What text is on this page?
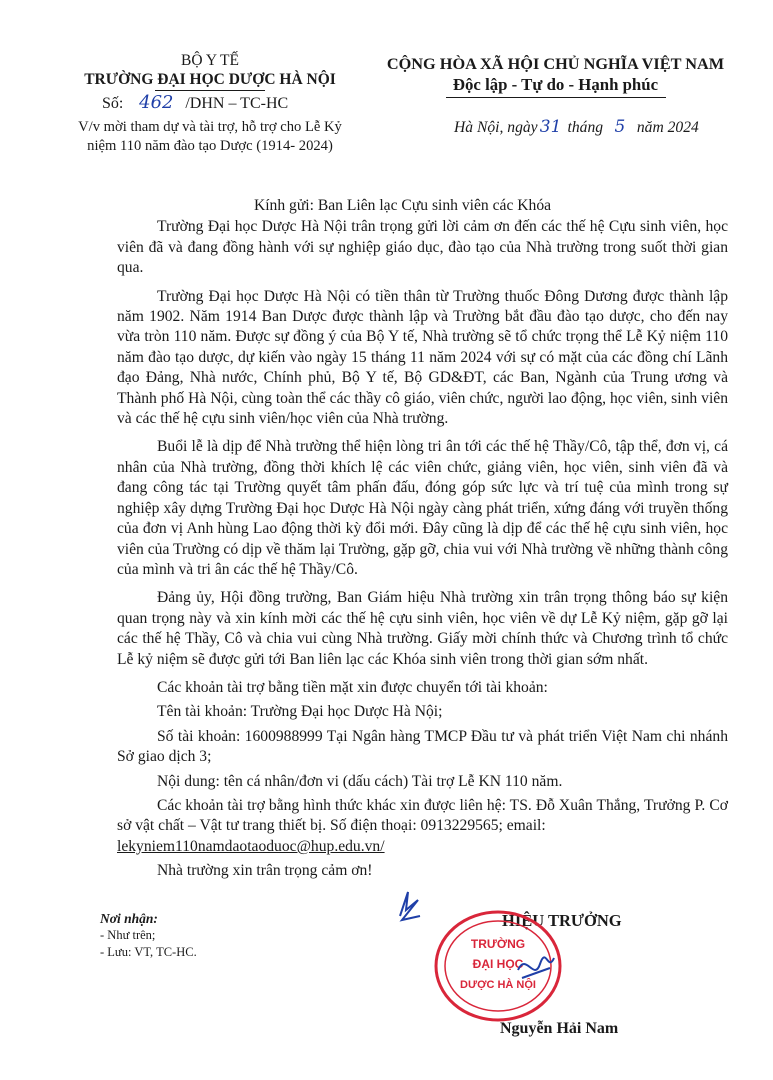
BỘ Y TẾ
TRƯỜNG ĐẠI HỌC DƯỢC HÀ NỘI
Số: 462 /DHN – TC-HC
V/v mời tham dự và tài trợ, hỗ trợ cho Lễ Kỷ
niệm 110 năm đào tạo Dược (1914- 2024)
CỘNG HÒA XÃ HỘI CHỦ NGHĨA VIỆT NAM
Độc lập - Tự do - Hạnh phúc
Hà Nội, ngày 31 tháng 5 năm 2024

Kính gửi: Ban Liên lạc Cựu sinh viên các Khóa

Trường Đại học Dược Hà Nội trân trọng gửi lời cảm ơn đến các thế hệ Cựu sinh viên, học viên đã và đang đồng hành với sự nghiệp giáo dục, đào tạo của Nhà trường trong suốt thời gian qua.

Trường Đại học Dược Hà Nội có tiền thân từ Trường thuốc Đông Dương được thành lập năm 1902. Năm 1914 Ban Dược được thành lập và Trường bắt đầu đào tạo dược, cho đến nay vừa tròn 110 năm. Được sự đồng ý của Bộ Y tế, Nhà trường sẽ tổ chức trọng thể Lễ Kỷ niệm 110 năm đào tạo dược, dự kiến vào ngày 15 tháng 11 năm 2024 với sự có mặt của các đồng chí Lãnh đạo Đảng, Nhà nước, Chính phủ, Bộ Y tế, Bộ GD&ĐT, các Ban, Ngành của Trung ương và Thành phố Hà Nội, cùng toàn thể các thầy cô giáo, viên chức, người lao động, học viên, sinh viên và các thế hệ cựu sinh viên/học viên của Nhà trường.

Buổi lễ là dịp để Nhà trường thể hiện lòng tri ân tới các thế hệ Thầy/Cô, tập thể, đơn vị, cá nhân của Nhà trường, đồng thời khích lệ các viên chức, giảng viên, học viên, sinh viên đã và đang công tác tại Trường quyết tâm phấn đấu, đóng góp sức lực và trí tuệ của mình trong sự nghiệp xây dựng Trường Đại học Dược Hà Nội ngày càng phát triển, xứng đáng với truyền thống của đơn vị Anh hùng Lao động thời kỳ đổi mới. Đây cũng là dịp để các thế hệ cựu sinh viên, học viên của Trường có dịp về thăm lại Trường, gặp gỡ, chia vui với Nhà trường về những thành công của mình và tri ân các thế hệ Thầy/Cô.

Đảng ủy, Hội đồng trường, Ban Giám hiệu Nhà trường xin trân trọng thông báo sự kiện quan trọng này và xin kính mời các thế hệ cựu sinh viên, học viên về dự Lễ Kỷ niệm, gặp gỡ lại các thế hệ Thầy, Cô và chia vui cùng Nhà trường. Giấy mời chính thức và Chương trình tổ chức Lễ kỷ niệm sẽ được gửi tới Ban liên lạc các Khóa sinh viên trong thời gian sớm nhất.

Các khoản tài trợ bằng tiền mặt xin được chuyển tới tài khoản:

Tên tài khoản: Trường Đại học Dược Hà Nội;

Số tài khoản: 1600988999 Tại Ngân hàng TMCP Đầu tư và phát triển Việt Nam chi nhánh Sở giao dịch 3;

Nội dung: tên cá nhân/đơn vi (dấu cách) Tài trợ Lễ KN 110 năm.

Các khoản tài trợ bằng hình thức khác xin được liên hệ: TS. Đỗ Xuân Thắng, Trưởng P. Cơ sở vật chất – Vật tư trang thiết bị. Số điện thoại: 0913229565; email:

lekyniem110namdaotaoduoc@hup.edu.vn/

Nhà trường xin trân trọng cảm ơn!

Nơi nhận:
- Như trên;
- Lưu: VT, TC-HC.
HIỆU TRƯỞNG
TRƯỜNG
ĐẠI HỌC
DƯỢC HÀ NỘI
Nguyễn Hải Nam
